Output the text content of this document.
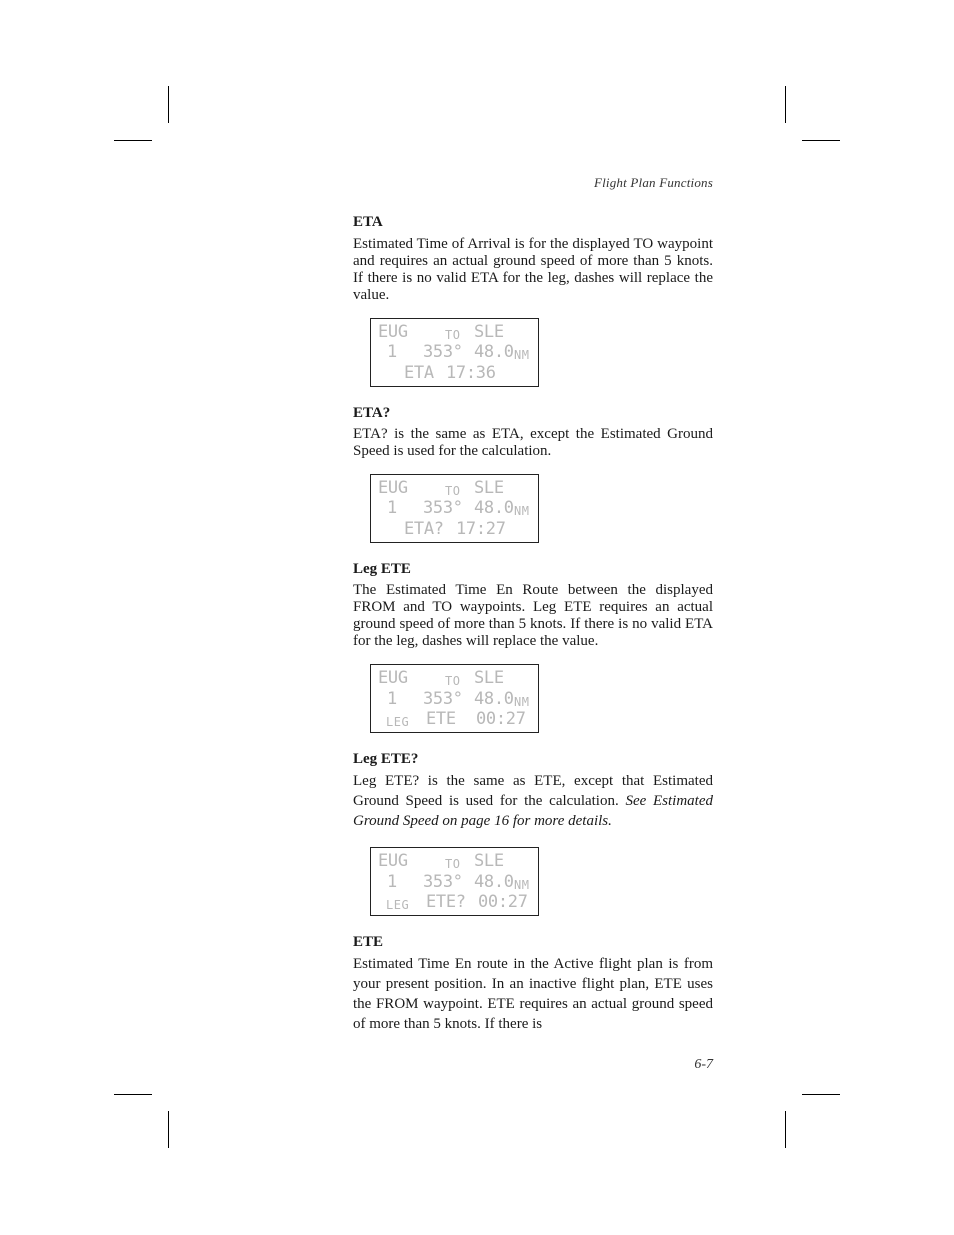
Flight Plan Functions
ETA

Estimated Time of Arrival is for the displayed TO waypoint and requires an actual ground speed of more than 5 knots. If there is no valid ETA for the leg, dashes will replace the value.

EUG

	TO

SLE

1

353°

48.0

NM

ETA

17:36

ETA?

ETA? is the same as ETA, except the Estimated Ground Speed is used for the calculation.

EUG

	TO

SLE

1

353°

48.0

NM

ETA?

17:27

Leg ETE

The Estimated Time En Route between the displayed FROM and TO waypoints. Leg ETE requires an actual ground speed of more than 5 knots. If there is no valid ETA for the leg, dashes will replace the value.

EUG

	TO

SLE

1

353°

48.0

NM

LEG

ETE

00:27

Leg ETE?

Leg ETE? is the same as ETE, except that Estimated Ground Speed is used for the calculation. See Estimated Ground Speed on page 16 for more details.

EUG

	TO

SLE

1

353°

48.0

NM

LEG

ETE?

00:27

ETE

Estimated Time En route in the Active flight plan is from your present position. In an inactive flight plan, ETE uses the FROM waypoint. ETE requires an actual ground speed of more than 5 knots. If there is

6-7
